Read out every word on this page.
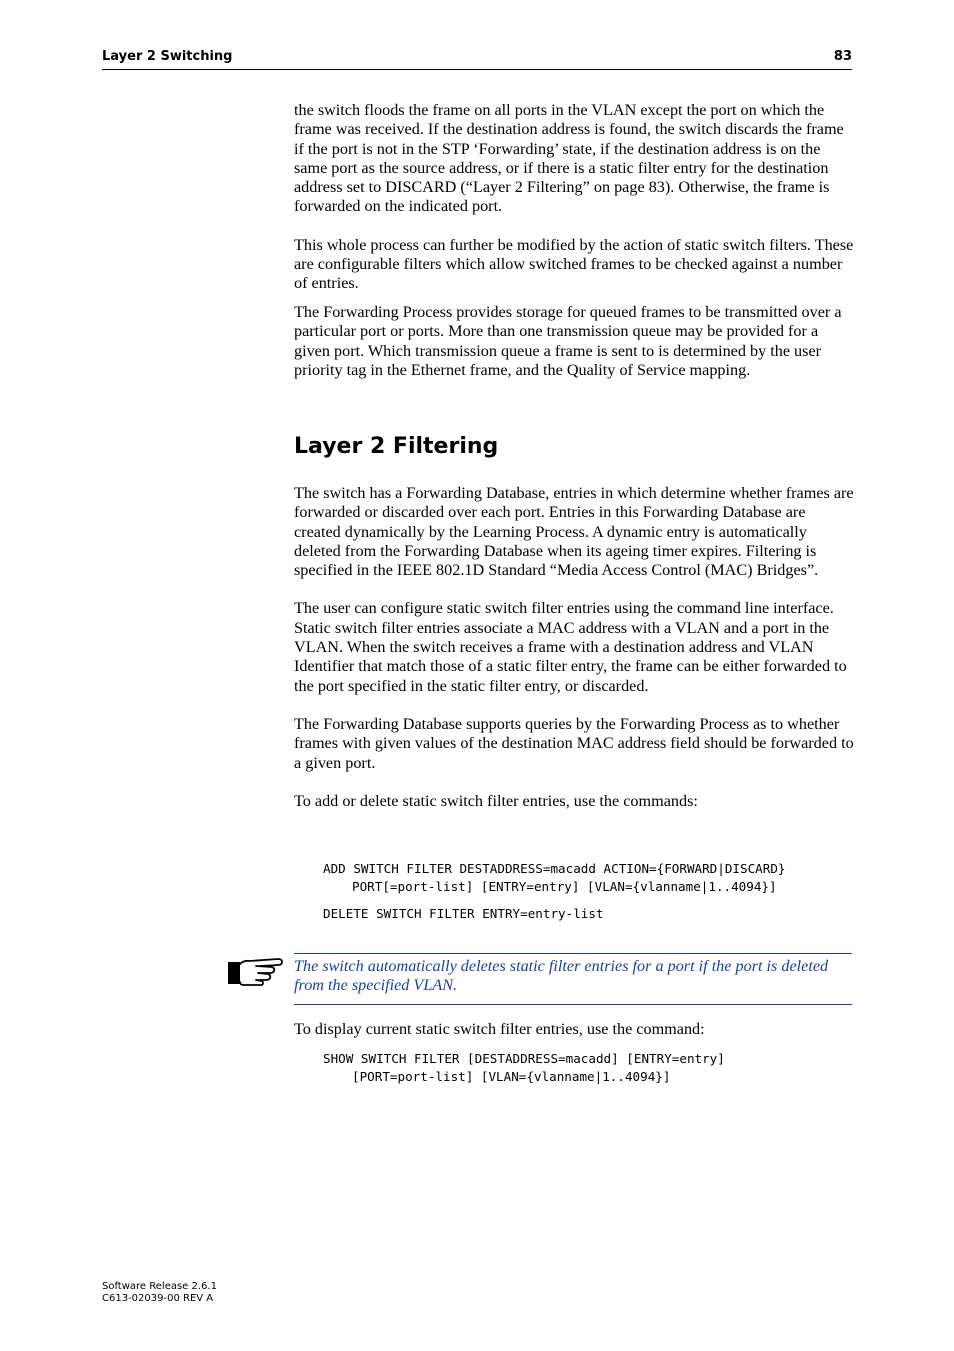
Layer 2 Switching	83

the switch floods the frame on all ports in the VLAN except the port on which the frame was received. If the destination address is found, the switch discards the frame if the port is not in the STP ‘Forwarding’ state, if the destination address is on the same port as the source address, or if there is a static filter entry for the destination address set to DISCARD (“Layer 2 Filtering” on page 83). Otherwise, the frame is forwarded on the indicated port.

This whole process can further be modified by the action of static switch filters. These are configurable filters which allow switched frames to be checked against a number of entries.

The Forwarding Process provides storage for queued frames to be transmitted over a particular port or ports. More than one transmission queue may be provided for a given port. Which transmission queue a frame is sent to is determined by the user priority tag in the Ethernet frame, and the Quality of Service mapping.

Layer 2 Filtering

The switch has a Forwarding Database, entries in which determine whether frames are forwarded or discarded over each port. Entries in this Forwarding Database are created dynamically by the Learning Process. A dynamic entry is automatically deleted from the Forwarding Database when its ageing timer expires. Filtering is specified in the IEEE 802.1D Standard “Media Access Control (MAC) Bridges”.

The user can configure static switch filter entries using the command line interface. Static switch filter entries associate a MAC address with a VLAN and a port in the VLAN. When the switch receives a frame with a destination address and VLAN Identifier that match those of a static filter entry, the frame can be either forwarded to the port specified in the static filter entry, or discarded.

The Forwarding Database supports queries by the Forwarding Process as to whether frames with given values of the destination MAC address field should be forwarded to a given port.

To add or delete static switch filter entries, use the commands:

ADD SWITCH FILTER DESTADDRESS=macadd ACTION={FORWARD|DISCARD}
PORT[=port-list] [ENTRY=entry] [VLAN={vlanname|1..4094}]
DELETE SWITCH FILTER ENTRY=entry-list
The switch automatically deletes static filter entries for a port if the port is deleted from the specified VLAN.

To display current static switch filter entries, use the command:

SHOW SWITCH FILTER [DESTADDRESS=macadd] [ENTRY=entry]
[PORT=port-list] [VLAN={vlanname|1..4094}]
Software Release 2.6.1
C613-02039-00 REV A
